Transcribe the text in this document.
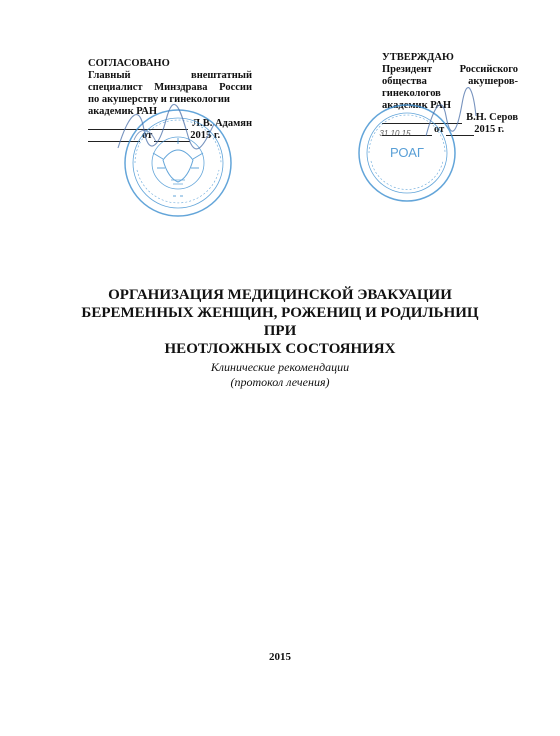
СОГЛАСОВАНО
Главный внештатный
специалист Минздрава России
по акушерству и гинекологии
академик РАН
Л.В. Адамян
от	2015 г.
УТВЕРЖДАЮ
Президент Российского
общества акушеров-
гинекологов
академик РАН
В.Н. Серов
от	2015 г.
РОАГ
31.10.15
ОРГАНИЗАЦИЯ МЕДИЦИНСКОЙ ЭВАКУАЦИИ
БЕРЕМЕННЫХ ЖЕНЩИН, РОЖЕНИЦ И РОДИЛЬНИЦ ПРИ
НЕОТЛОЖНЫХ СОСТОЯНИЯХ
Клинические рекомендации
(протокол лечения)
2015
